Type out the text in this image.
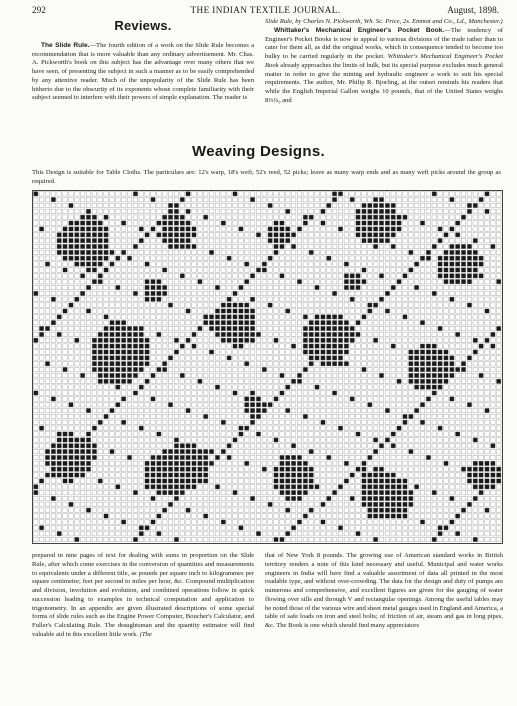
292	THE INDIAN TEXTILE JOURNAL.	August, 1898.
Reviews.

The Slide Rule.—The fourth edition of a work on the Slide Rule becomes a recommendation that is more valuable than any ordinary advertisement. Mr. Chas. A. Pickworth's book on this subject has the advantage over many others that we have seen, of presenting the subject in such a manner as to be easily comprehended by any attentive reader. Much of the unpopularity of the Slide Rule has been hitherto due to the obscurity of its exponents whose complete familiarity with their subject seemed to interfere with their powers of simple explanation. The reader is

Slide Rule, by Charles N. Pickworth, Wh. Sc. Price, 2s. Emmot and Co., Ld., Manchester.)

Whittaker's Mechanical Engineer's Pocket Book.—The tendency of Engineer's Pocket Books is now to appeal to various divisions of the trade rather than to cater for them all, as did the original works, which in consequence tended to become too bulky to be carried regularly in the pocket. Whittaker's Mechanical Engineer's Pocket Book already approaches the limits of bulk, but its special purpose excludes much general matter in order to give the mining and hydraulic engineer a work to suit his special requirements. The author, Mr. Philip R. Bjorling, at the outset reminds his readers that while the English Imperial Gallon weighs 10 pounds, that of the United States weighs 8⅓⅓₀ and

Weaving Designs.
This Design is suitable for Table Cloths. The particulars are: 12's warp, 18's weft, 52's reed, 52 picks; leave as many warp ends and as many weft picks around the group as required.

prepared in nine pages of text for dealing with sums in proportion on the Slide Rule, after which come exercises in the conversion of quantities and measurements to equivalents under a different title, as pounds per square inch to kilogrammes per square centimetre; feet per second to miles per hour, &c. Compound multiplication and division, involution and evolution, and combined operations follow in quick succession leading to examples in technical computation and application to trigonometry. In an appendix are given illustrated descriptions of some special forms of slide rules such as the Engine Power Computer, Boucher's Calculator, and Fuller's Calculating Rule. The draughtsman and the quantity estimator will find valuable aid in this excellent little work. (The

that of New York 8 pounds. The growing use of American standard works in British territory renders a note of this kind necessary and useful. Municipal and water works engineers in India will here find a valuable assortment of data all printed in the most readable type, and without over-crowding. The data for the design and duty of pumps are numerous and comprehensive, and excellent figures are given for the gauging of water flowing over sills and through V and rectangular openings. Among the useful tables may be noted those of the various wire and sheet metal gauges used in England and America, a table of safe loads on iron and steel bolts; of friction of air, steam and gas in long pipes, &c. The Book is one which should find many appreciators
